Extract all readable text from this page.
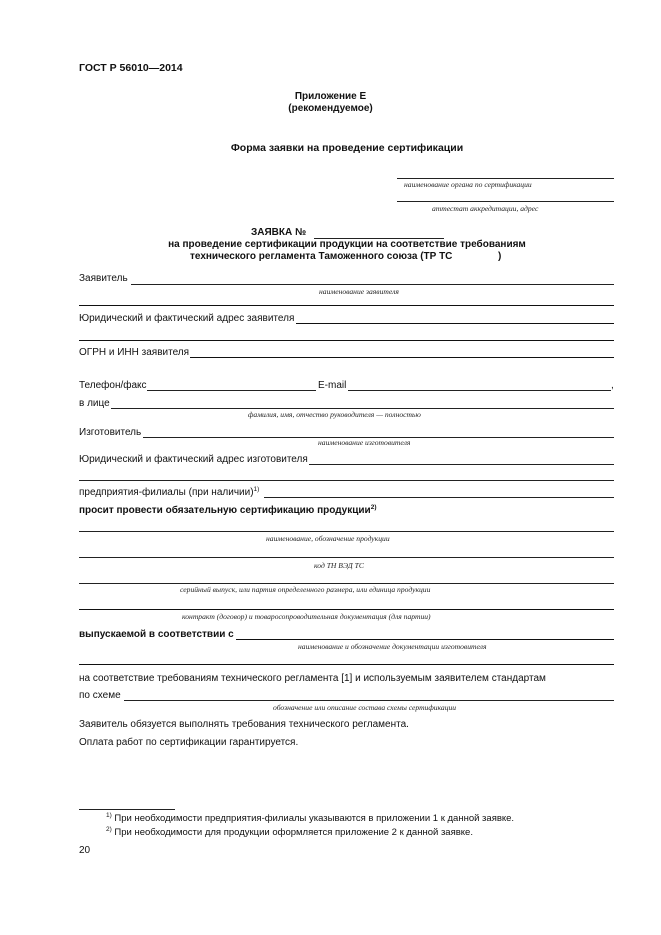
ГОСТ Р 56010—2014
Приложение Е
(рекомендуемое)
Форма заявки на проведение сертификации
наименование органа по сертификации
аттестат аккредитации, адрес
ЗАЯВКА №
на проведение сертификации продукции на соответствие требованиям
технического регламента Таможенного союза (ТР ТС	)
Заявитель
наименование заявителя
Юридический и фактический адрес заявителя
ОГРН и ИНН заявителя
Телефон/факс	E-mail	,
в лице
фамилия, имя, отчество руководителя — полностью
Изготовитель
наименование изготовителя
Юридический и фактический адрес изготовителя
предприятия-филиалы (при наличии)$^{1)}$
просит провести обязательную сертификацию продукции$^{2)}$
наименование, обозначение продукции
код ТН ВЭД ТС
серийный выпуск, или партия определенного размера, или единица продукции
контракт (договор) и товаросопроводительная документация (для партии)
выпускаемой в соответствии с
наименование и обозначение документации изготовителя
на соответствие требованиям технического регламента [1] и используемым заявителем стандартам
по схеме
обозначение или описание состава схемы сертификации
Заявитель обязуется выполнять требования технического регламента.
Оплата работ по сертификации гарантируется.
$^{1)}$ При необходимости предприятия-филиалы указываются в приложении 1 к данной заявке.
$^{2)}$ При необходимости для продукции оформляется приложение 2 к данной заявке.
20
